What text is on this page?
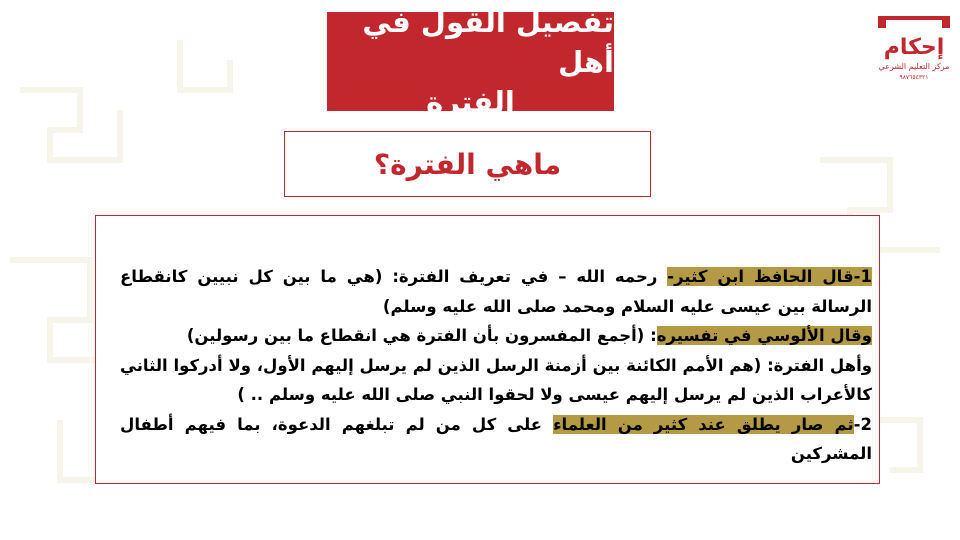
تفصيل القول في أهل
الفترة
ماهي الفترة؟
1-قال الحافظ ابن كثير- رحمه الله – في تعريف الفترة: (هي ما بين كل نبيين كانقطاع الرسالة بين عيسى عليه السلام ومحمد صلى الله عليه وسلم)
وقال الألوسي في تفسيره: (أجمع المفسرون بأن الفترة هي انقطاع ما بين رسولين)
وأهل الفترة: (هم الأمم الكائنة بين أزمنة الرسل الذين لم يرسل إليهم الأول، ولا أدركوا الثاني كالأعراب الذين لم يرسل إليهم عيسى ولا لحقوا النبي صلى الله عليه وسلم .. )
2-ثم صار يطلق عند كثير من العلماء على كل من لم تبلغهم الدعوة، بما فيهم أطفال المشركين
إحكام
مركز التعليم الشرعي
٩٨٧٦٥٤٣٢١
